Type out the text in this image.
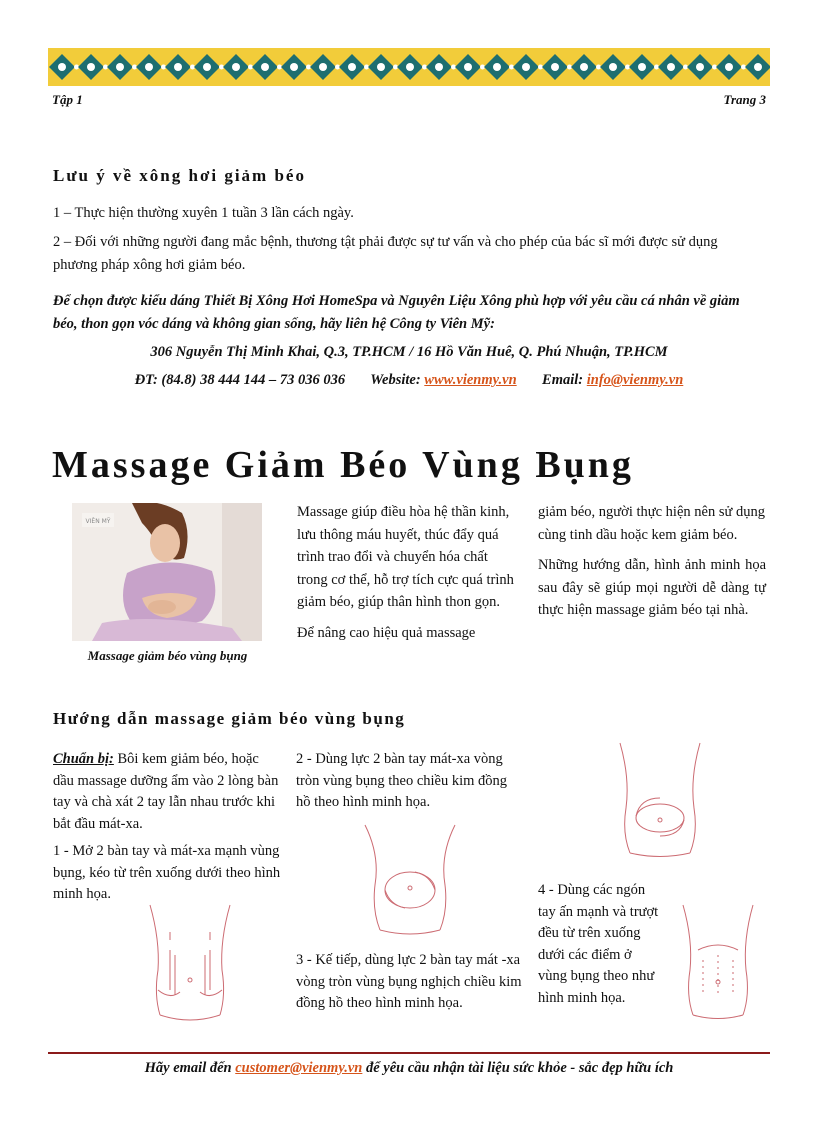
Tập 1	Trang 3
Lưu ý về xông hơi giảm béo
1 – Thực hiện thường xuyên 1 tuần 3 lần cách ngày.
2 – Đối với những người đang mắc bệnh, thương tật phải được sự tư vấn và cho phép của bác sĩ mới được sử dụng phương pháp xông hơi giảm béo.
Để chọn được kiểu dáng Thiết Bị Xông Hơi HomeSpa và Nguyên Liệu Xông phù hợp với yêu cầu cá nhân về giảm béo, thon gọn vóc dáng và không gian sống, hãy liên hệ Công ty Viên Mỹ:
306 Nguyễn Thị Minh Khai, Q.3, TP.HCM / 16 Hồ Văn Huê, Q. Phú Nhuận, TP.HCM
ĐT: (84.8) 38 444 144 – 73 036 036 Website: www.vienmy.vn Email: info@vienmy.vn
Massage Giảm Béo Vùng Bụng
VIÊN MỸ
Massage giảm béo vùng bụng

Massage giúp điều hòa hệ thần kinh, lưu thông máu huyết, thúc đẩy quá trình trao đổi và chuyển hóa chất trong cơ thể, hỗ trợ tích cực quá trình giảm béo, giúp thân hình thon gọn.

Để nâng cao hiệu quả massage

giảm béo, người thực hiện nên sử dụng cùng tinh dầu hoặc kem giảm béo.

Những hướng dẫn, hình ảnh minh họa sau đây sẽ giúp mọi người dễ dàng tự thực hiện massage giảm béo tại nhà.

Hướng dẫn massage giảm béo vùng bụng

Chuẩn bị: Bôi kem giảm béo, hoặc dầu massage dưỡng ẩm vào 2 lòng bàn tay và chà xát 2 tay lẫn nhau trước khi bắt đầu mát-xa.

1 - Mở 2 bàn tay và mát-xa mạnh vùng bụng, kéo từ trên xuống dưới theo hình minh họa.

2 - Dùng lực 2 bàn tay mát-xa vòng tròn vùng bụng theo chiều kim đồng hồ theo hình minh họa.
3 - Kế tiếp, dùng lực 2 bàn tay mát -xa vòng tròn vùng bụng nghịch chiều kim đồng hồ theo hình minh họa.
4 - Dùng các ngón tay ấn mạnh và trượt đều từ trên xuống dưới các điểm ở vùng bụng theo như hình minh họa.
Hãy email đến customer@vienmy.vn để yêu cầu nhận tài liệu sức khỏe - sắc đẹp hữu ích
